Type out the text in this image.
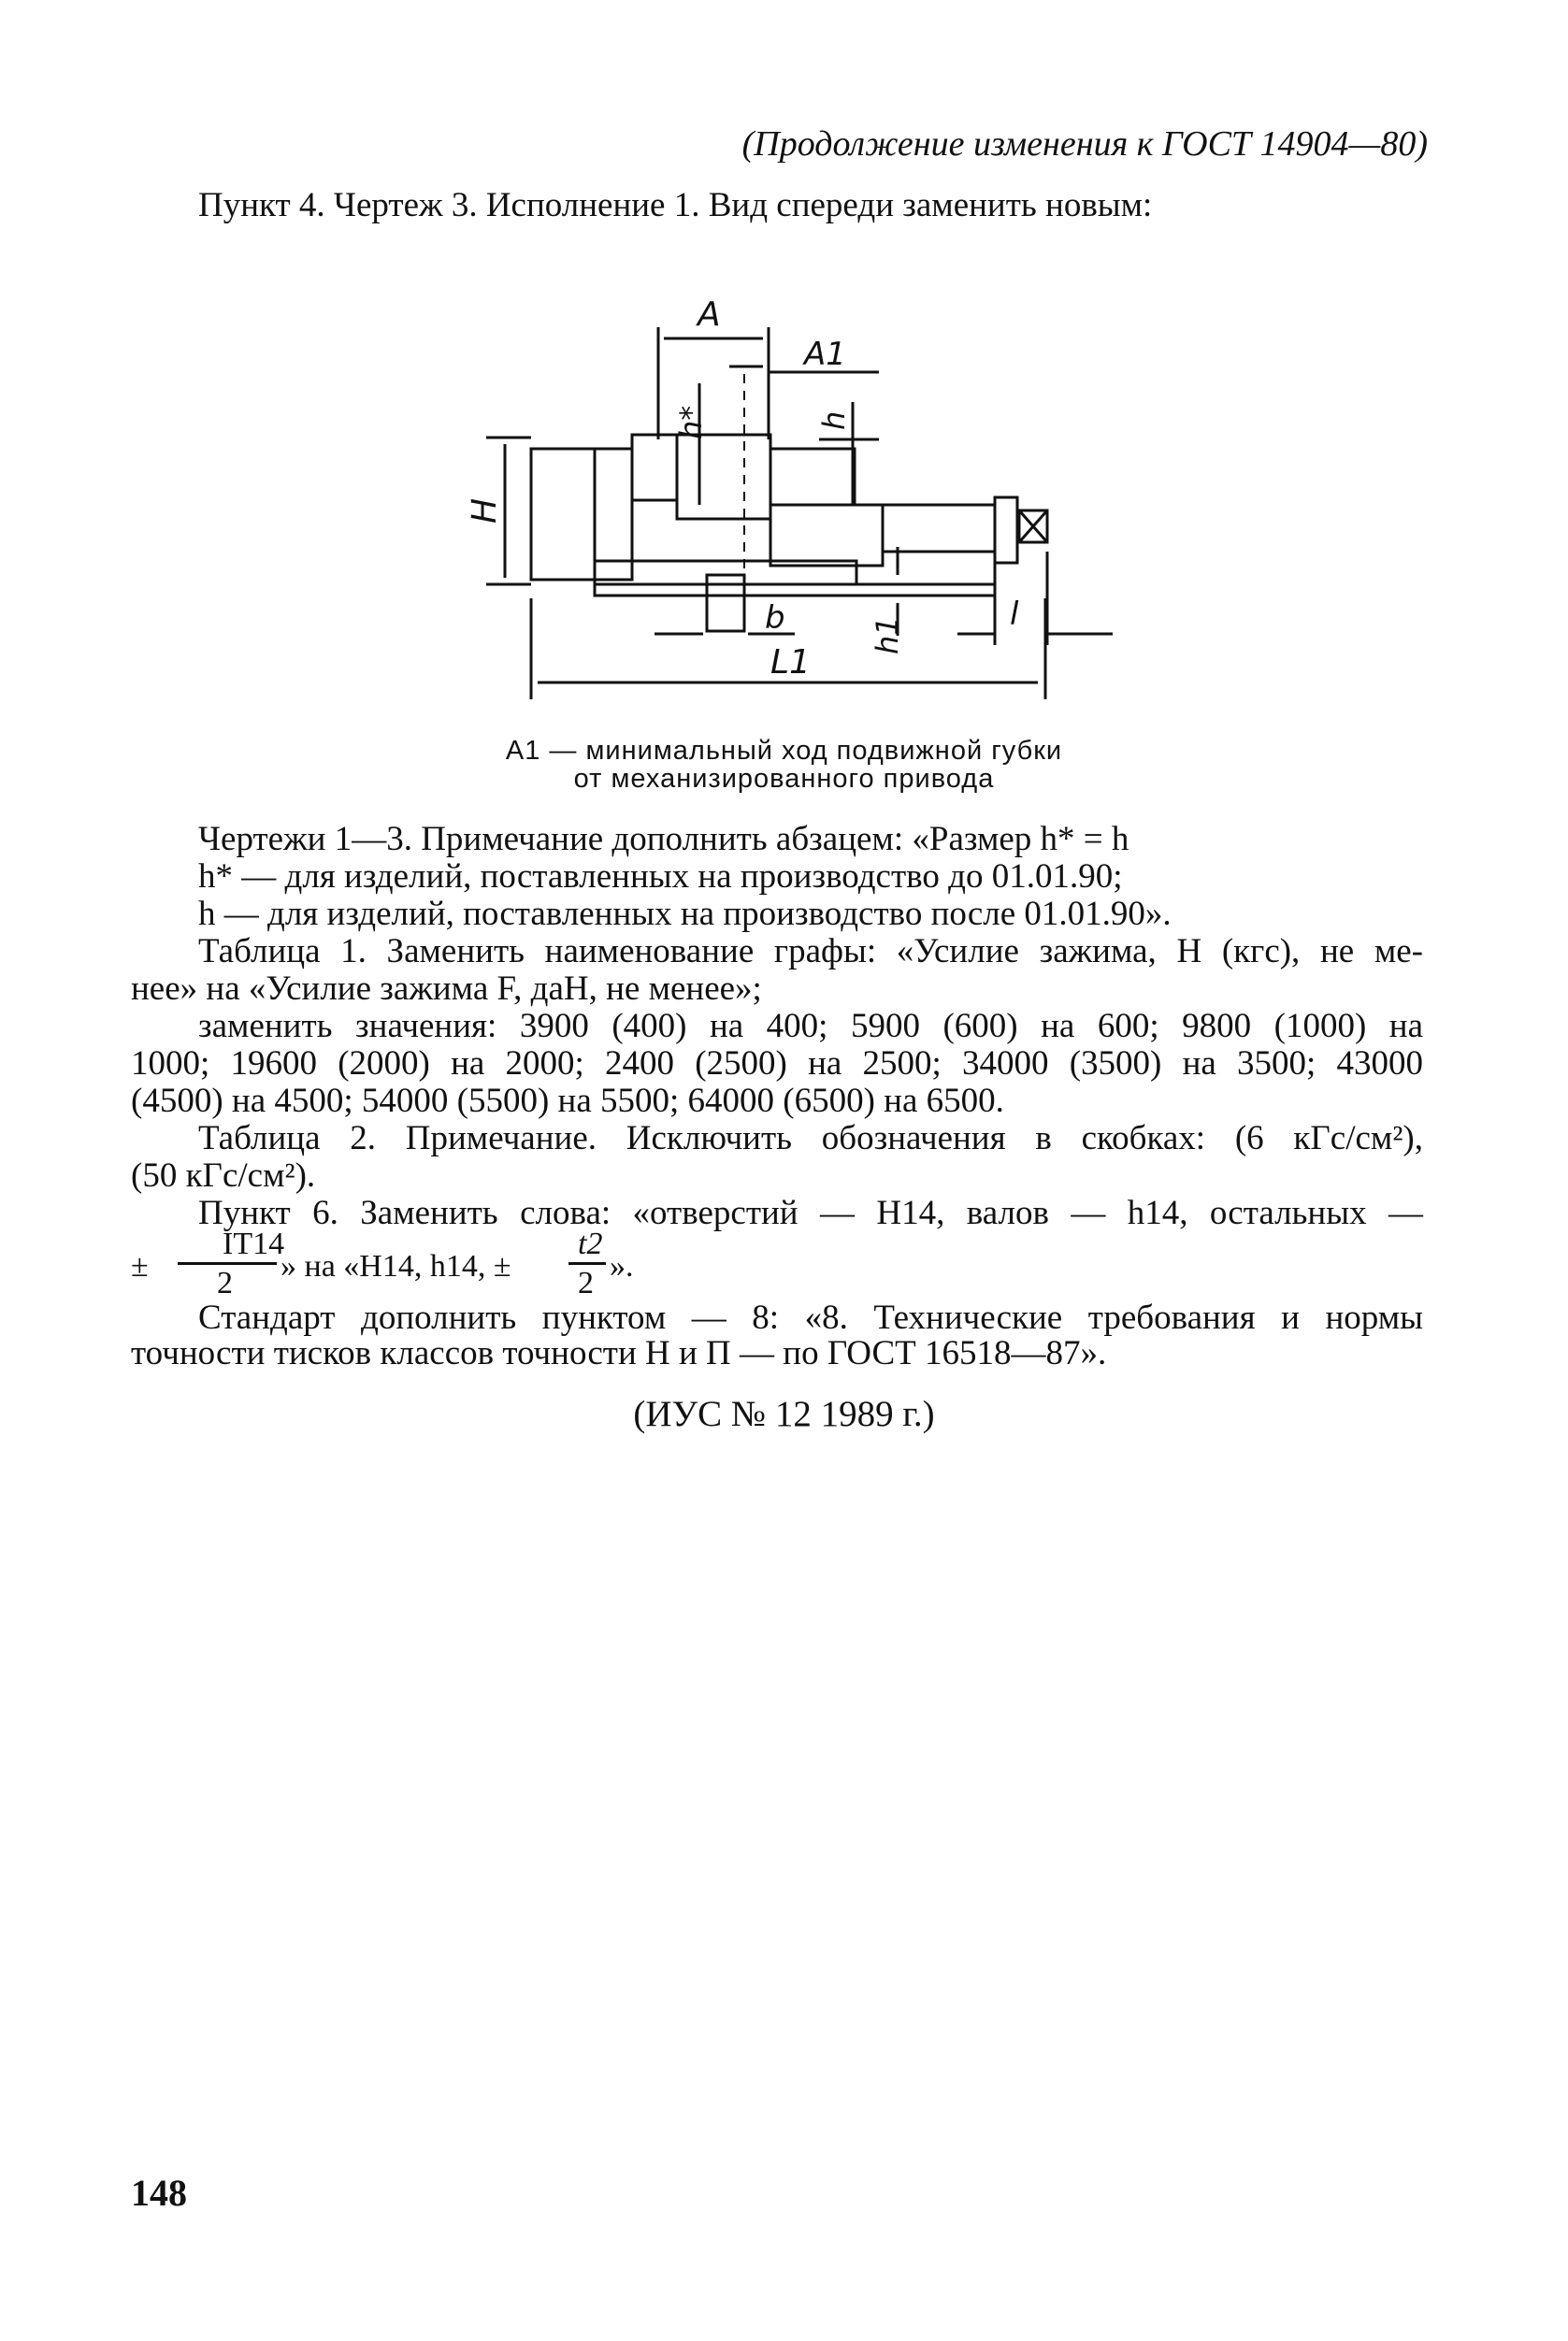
(Продолжение изменения к ГОСТ 14904—80)
Пункт 4. Чертеж 3. Исполнение 1. Вид спереди заменить новым:
A
A1
h*	h
H
b	h1
l
L1
A1 — минимальный ход подвижной губки
от механизированного привода
Чертежи 1—3. Примечание дополнить абзацем: «Размер h* = h
h* — для изделий, поставленных на производство до 01.01.90;
h — для изделий, поставленных на производство после 01.01.90».
Таблица 1. Заменить наименование графы: «Усилие зажима, Н (кгс), не ме-
нее» на «Усилие зажима F, даН, не менее»;
заменить значения: 3900 (400) на 400; 5900 (600) на 600; 9800 (1000) на
1000; 19600 (2000) на 2000; 2400 (2500) на 2500; 34000 (3500) на 3500; 43000
(4500) на 4500; 54000 (5500) на 5500; 64000 (6500) на 6500.
Таблица 2. Примечание. Исключить обозначения в скобках: (6 кГс/см²),
(50 кГс/см²).
Пункт 6. Заменить слова: «отверстий — H14, валов — h14, остальных —
IT14
± 2 » на «H14, h14, ±
t2
2 ».
Стандарт дополнить пунктом — 8: «8. Технические требования и нормы
точности тисков классов точности Н и П — по ГОСТ 16518—87».
(ИУС № 12 1989 г.)
148
